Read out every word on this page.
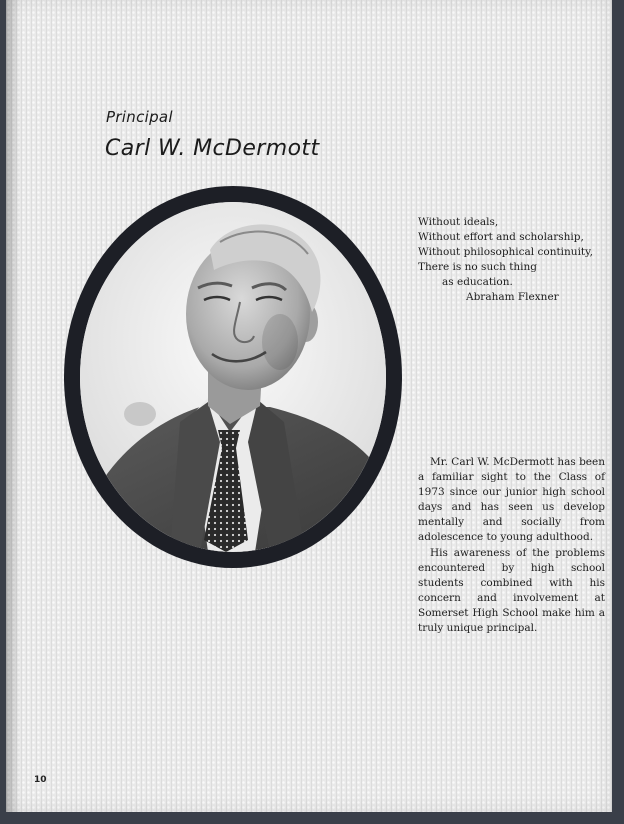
Principal
Carl W. McDermott
Without ideals,
Without effort and scholarship,
Without philosophical continuity,
There is no such thing
as education.
Abraham Flexner

Mr. Carl W. McDermott has been a familiar sight to the Class of 1973 since our junior high school days and has seen us develop mentally and socially from adolescence to young adulthood.

His awareness of the problems encountered by high school students combined with his concern and involvement at Somerset High School make him a truly unique principal.

10
